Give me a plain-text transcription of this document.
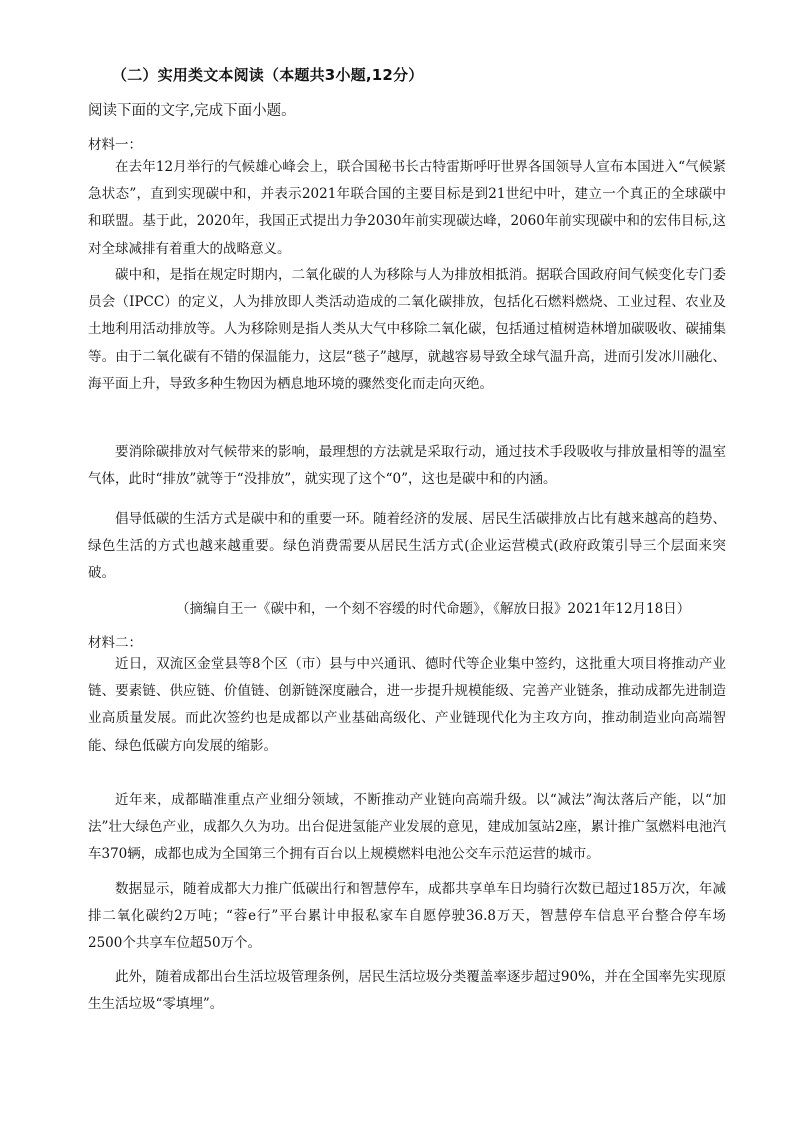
（二）实用类文本阅读（本题共3小题,12分）
阅读下面的文字,完成下面小题。
材料一：

在去年12月举行的气候雄心峰会上，联合国秘书长古特雷斯呼吁世界各国领导人宣布本国进入“气候紧急状态”，直到实现碳中和，并表示2021年联合国的主要目标是到21世纪中叶，建立一个真正的全球碳中和联盟。基于此，2020年，我国正式提出力争2030年前实现碳达峰，2060年前实现碳中和的宏伟目标,这对全球减排有着重大的战略意义。

碳中和，是指在规定时期内，二氧化碳的人为移除与人为排放相抵消。据联合国政府间气候变化专门委员会（IPCC）的定义，人为排放即人类活动造成的二氧化碳排放，包括化石燃料燃烧、工业过程、农业及土地利用活动排放等。人为移除则是指人类从大气中移除二氧化碳，包括通过植树造林增加碳吸收、碳捕集等。由于二氧化碳有不错的保温能力，这层“毯子”越厚，就越容易导致全球气温升高，进而引发冰川融化、海平面上升，导致多种生物因为栖息地环境的骤然变化而走向灭绝。

要消除碳排放对气候带来的影响，最理想的方法就是采取行动，通过技术手段吸收与排放量相等的温室气体，此时“排放”就等于“没排放”，就实现了这个“0”，这也是碳中和的内涵。

倡导低碳的生活方式是碳中和的重要一环。随着经济的发展、居民生活碳排放占比有越来越高的趋势、绿色生活的方式也越来越重要。绿色消费需要从居民生活方式(企业运营模式(政府政策引导三个层面来突破。

（摘编自王一《碳中和，一个刻不容缓的时代命题》，《解放日报》2021年12月18日）
材料二：

近日，双流区金堂县等8个区（市）县与中兴通讯、德时代等企业集中签约，这批重大项目将推动产业链、要素链、供应链、价值链、创新链深度融合，进一步提升规模能级、完善产业链条，推动成都先进制造业高质量发展。而此次签约也是成都以产业基础高级化、产业链现代化为主攻方向，推动制造业向高端智能、绿色低碳方向发展的缩影。

近年来，成都瞄准重点产业细分领域，不断推动产业链向高端升级。以“减法”淘汰落后产能，以“加法”壮大绿色产业，成都久久为功。出台促进氢能产业发展的意见，建成加氢站2座，累计推广氢燃料电池汽车370辆，成都也成为全国第三个拥有百台以上规模燃料电池公交车示范运营的城市。

数据显示，随着成都大力推广低碳出行和智慧停车，成都共享单车日均骑行次数已超过185万次，年减排二氧化碳约2万吨；“蓉e行”平台累计申报私家车自愿停驶36.8万天，智慧停车信息平台整合停车场 2500个共享车位超50万个。

此外，随着成都出台生活垃圾管理条例，居民生活垃圾分类覆盖率逐步超过90%，并在全国率先实现原生生活垃圾“零填埋”。
